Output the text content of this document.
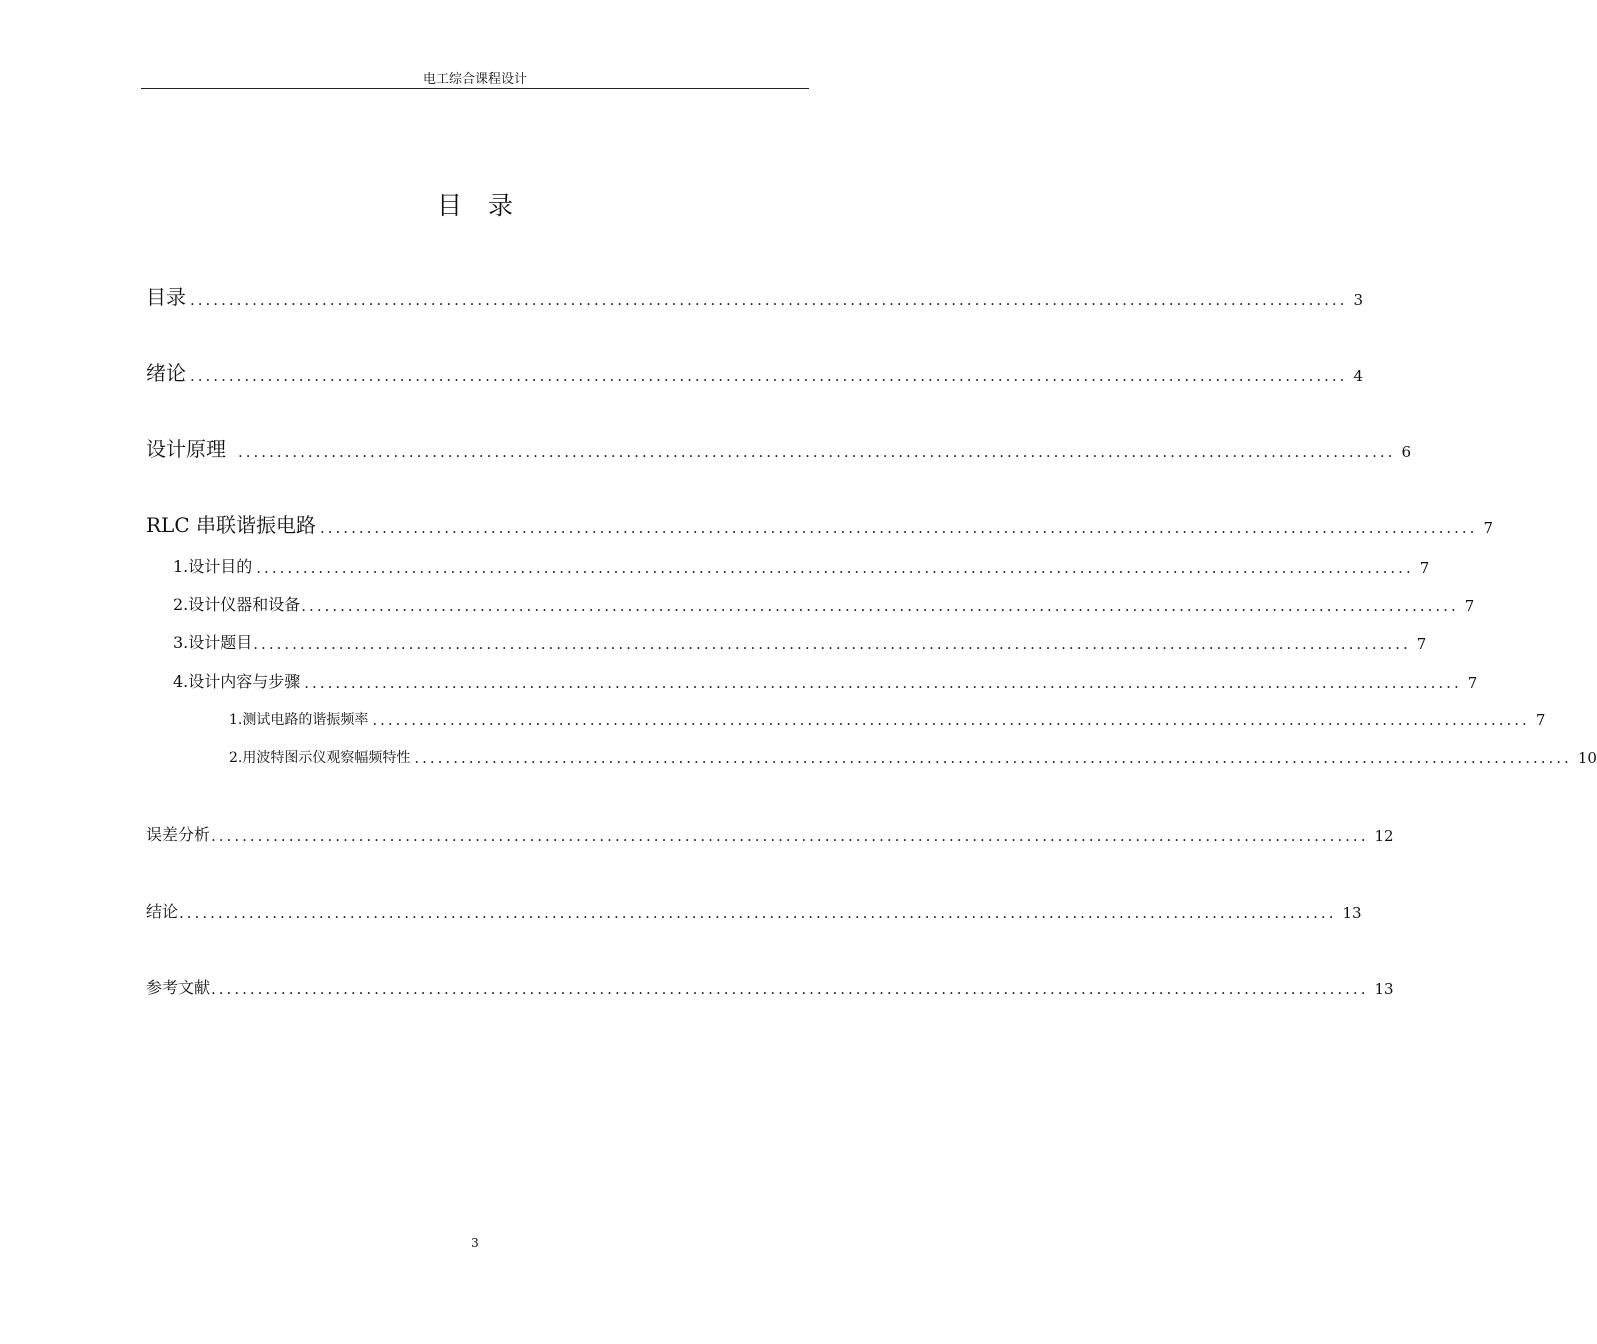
电工综合课程设计
目录
目录 ..................................................................................................................................................... 3
绪论 ..................................................................................................................................................... 4
设计原理 ..................................................................................................................................................... 6
RLC 串联谐振电路 ..................................................................................................................................................... 7
1.设计目的 ..................................................................................................................................................... 7
2.设计仪器和设备 ..................................................................................................................................................... 7
3.设计题目 ..................................................................................................................................................... 7
4.设计内容与步骤 ..................................................................................................................................................... 7
1.测试电路的谐振频率 ..................................................................................................................................................... 7
2.用波特图示仪观察幅频特性 ..................................................................................................................................................... 10
误差分析 ..................................................................................................................................................... 12
结论 ..................................................................................................................................................... 13
参考文献 ..................................................................................................................................................... 13
3
